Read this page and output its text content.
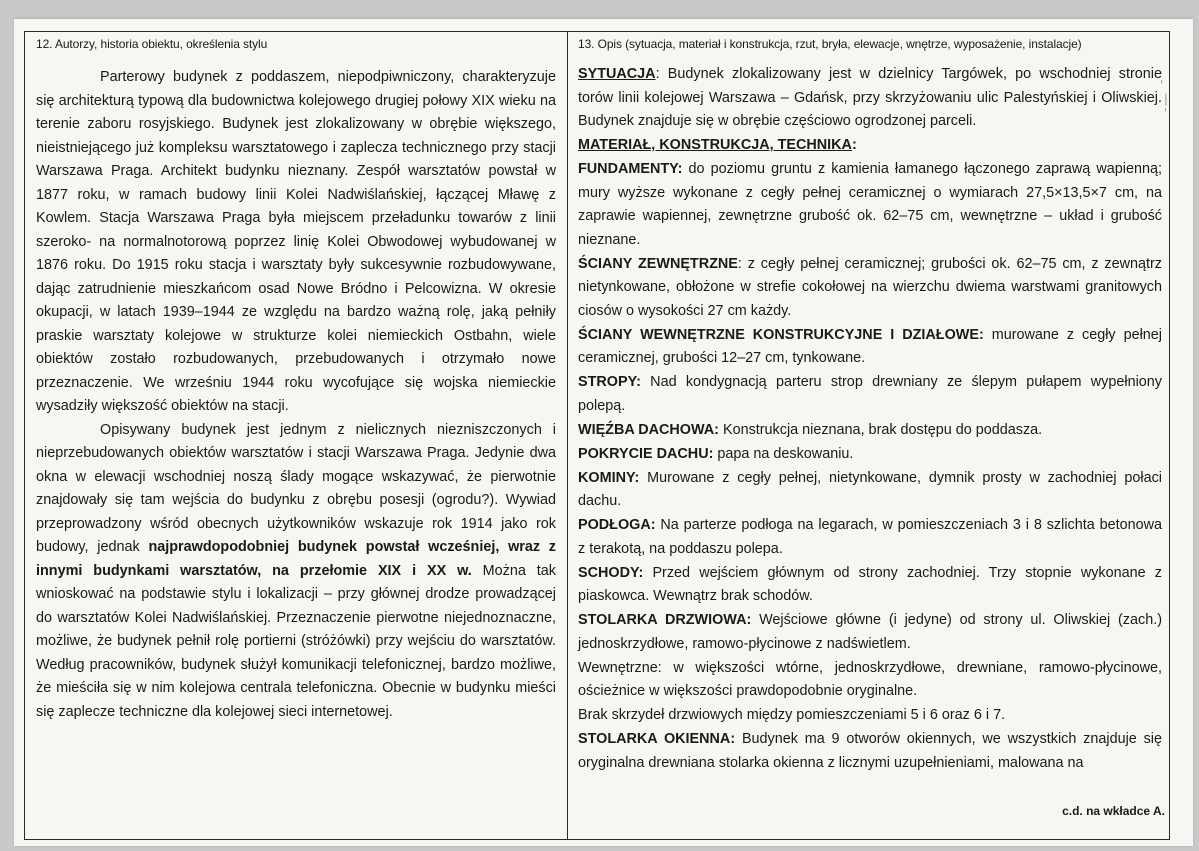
12. Autorzy, historia obiektu, określenia stylu	13. Opis (sytuacja, materiał i konstrukcja, rzut, bryła, elewacje, wnętrze, wyposażenie, instalacje)

Parterowy budynek z poddaszem, niepodpiwniczony, charakteryzuje się architekturą typową dla budownictwa kolejowego drugiej połowy XIX wieku na terenie zaboru rosyjskiego. Budynek jest zlokalizowany w obrębie większego, nieistniejącego już kompleksu warsztatowego i zaplecza technicznego przy stacji Warszawa Praga. Architekt budynku nieznany. Zespół warsztatów powstał w 1877 roku, w ramach budowy linii Kolei Nadwiślańskiej, łączącej Mławę z Kowlem. Stacja Warszawa Praga była miejscem przeładunku towarów z linii szeroko- na normalnotorową poprzez linię Kolei Obwodowej wybudowanej w 1876 roku. Do 1915 roku stacja i warsztaty były sukcesywnie rozbudowywane, dając zatrudnienie mieszkańcom osad Nowe Bródno i Pelcowizna. W okresie okupacji, w latach 1939–1944 ze względu na bardzo ważną rolę, jaką pełniły praskie warsztaty kolejowe w strukturze kolei niemieckich Ostbahn, wiele obiektów zostało rozbudowanych, przebudowanych i otrzymało nowe przeznaczenie. We wrześniu 1944 roku wycofujące się wojska niemieckie wysadziły większość obiektów na stacji.

Opisywany budynek jest jednym z nielicznych niezniszczonych i nieprzebudowanych obiektów warsztatów i stacji Warszawa Praga. Jedynie dwa okna w elewacji wschodniej noszą ślady mogące wskazywać, że pierwotnie znajdowały się tam wejścia do budynku z obrębu posesji (ogrodu?). Wywiad przeprowadzony wśród obecnych użytkowników wskazuje rok 1914 jako rok budowy, jednak najprawdopodobniej budynek powstał wcześniej, wraz z innymi budynkami warsztatów, na przełomie XIX i XX w. Można tak wnioskować na podstawie stylu i lokalizacji – przy głównej drodze prowadzącej do warsztatów Kolei Nadwiślańskiej. Przeznaczenie pierwotne niejednoznaczne, możliwe, że budynek pełnił rolę portierni (stróżówki) przy wejściu do warsztatów. Według pracowników, budynek służył komunikacji telefonicznej, bardzo możliwe, że mieściła się w nim kolejowa centrala telefoniczna. Obecnie w budynku mieści się zaplecze techniczne dla kolejowej sieci internetowej.

SYTUACJA: Budynek zlokalizowany jest w dzielnicy Targówek, po wschodniej stronie torów linii kolejowej Warszawa – Gdańsk, przy skrzyżowaniu ulic Palestyńskiej i Oliwskiej. Budynek znajduje się w obrębie częściowo ogrodzonej parceli.

MATERIAŁ, KONSTRUKCJA, TECHNIKA:

FUNDAMENTY: do poziomu gruntu z kamienia łamanego łączonego zaprawą wapienną; mury wyższe wykonane z cegły pełnej ceramicznej o wymiarach 27,5×13,5×7 cm, na zaprawie wapiennej, zewnętrzne grubość ok. 62–75 cm, wewnętrzne – układ i grubość nieznane.

ŚCIANY ZEWNĘTRZNE: z cegły pełnej ceramicznej; grubości ok. 62–75 cm, z zewnątrz nietynkowane, obłożone w strefie cokołowej na wierzchu dwiema warstwami granitowych ciosów o wysokości 27 cm każdy.

ŚCIANY WEWNĘTRZNE KONSTRUKCYJNE I DZIAŁOWE: murowane z cegły pełnej ceramicznej, grubości 12–27 cm, tynkowane.

STROPY: Nad kondygnacją parteru strop drewniany ze ślepym pułapem wypełniony polepą.

WIĘŹBA DACHOWA: Konstrukcja nieznana, brak dostępu do poddasza.

POKRYCIE DACHU: papa na deskowaniu.

KOMINY: Murowane z cegły pełnej, nietynkowane, dymnik prosty w zachodniej połaci dachu.

PODŁOGA: Na parterze podłoga na legarach, w pomieszczeniach 3 i 8 szlichta betonowa z terakotą, na poddaszu polepa.

SCHODY: Przed wejściem głównym od strony zachodniej. Trzy stopnie wykonane z piaskowca. Wewnątrz brak schodów.

STOLARKA DRZWIOWA: Wejściowe główne (i jedyne) od strony ul. Oliwskiej (zach.) jednoskrzydłowe, ramowo-płycinowe z nadświetlem.

Wewnętrzne: w większości wtórne, jednoskrzydłowe, drewniane, ramowo-płycinowe, ościeżnice w większości prawdopodobnie oryginalne.

Brak skrzydeł drzwiowych między pomieszczeniami 5 i 6 oraz 6 i 7.

STOLARKA OKIENNA: Budynek ma 9 otworów okiennych, we wszystkich znajduje się oryginalna drewniana stolarka okienna z licznymi uzupełnieniami, malowana na

c.d. na wkładce A.
'
|
'
